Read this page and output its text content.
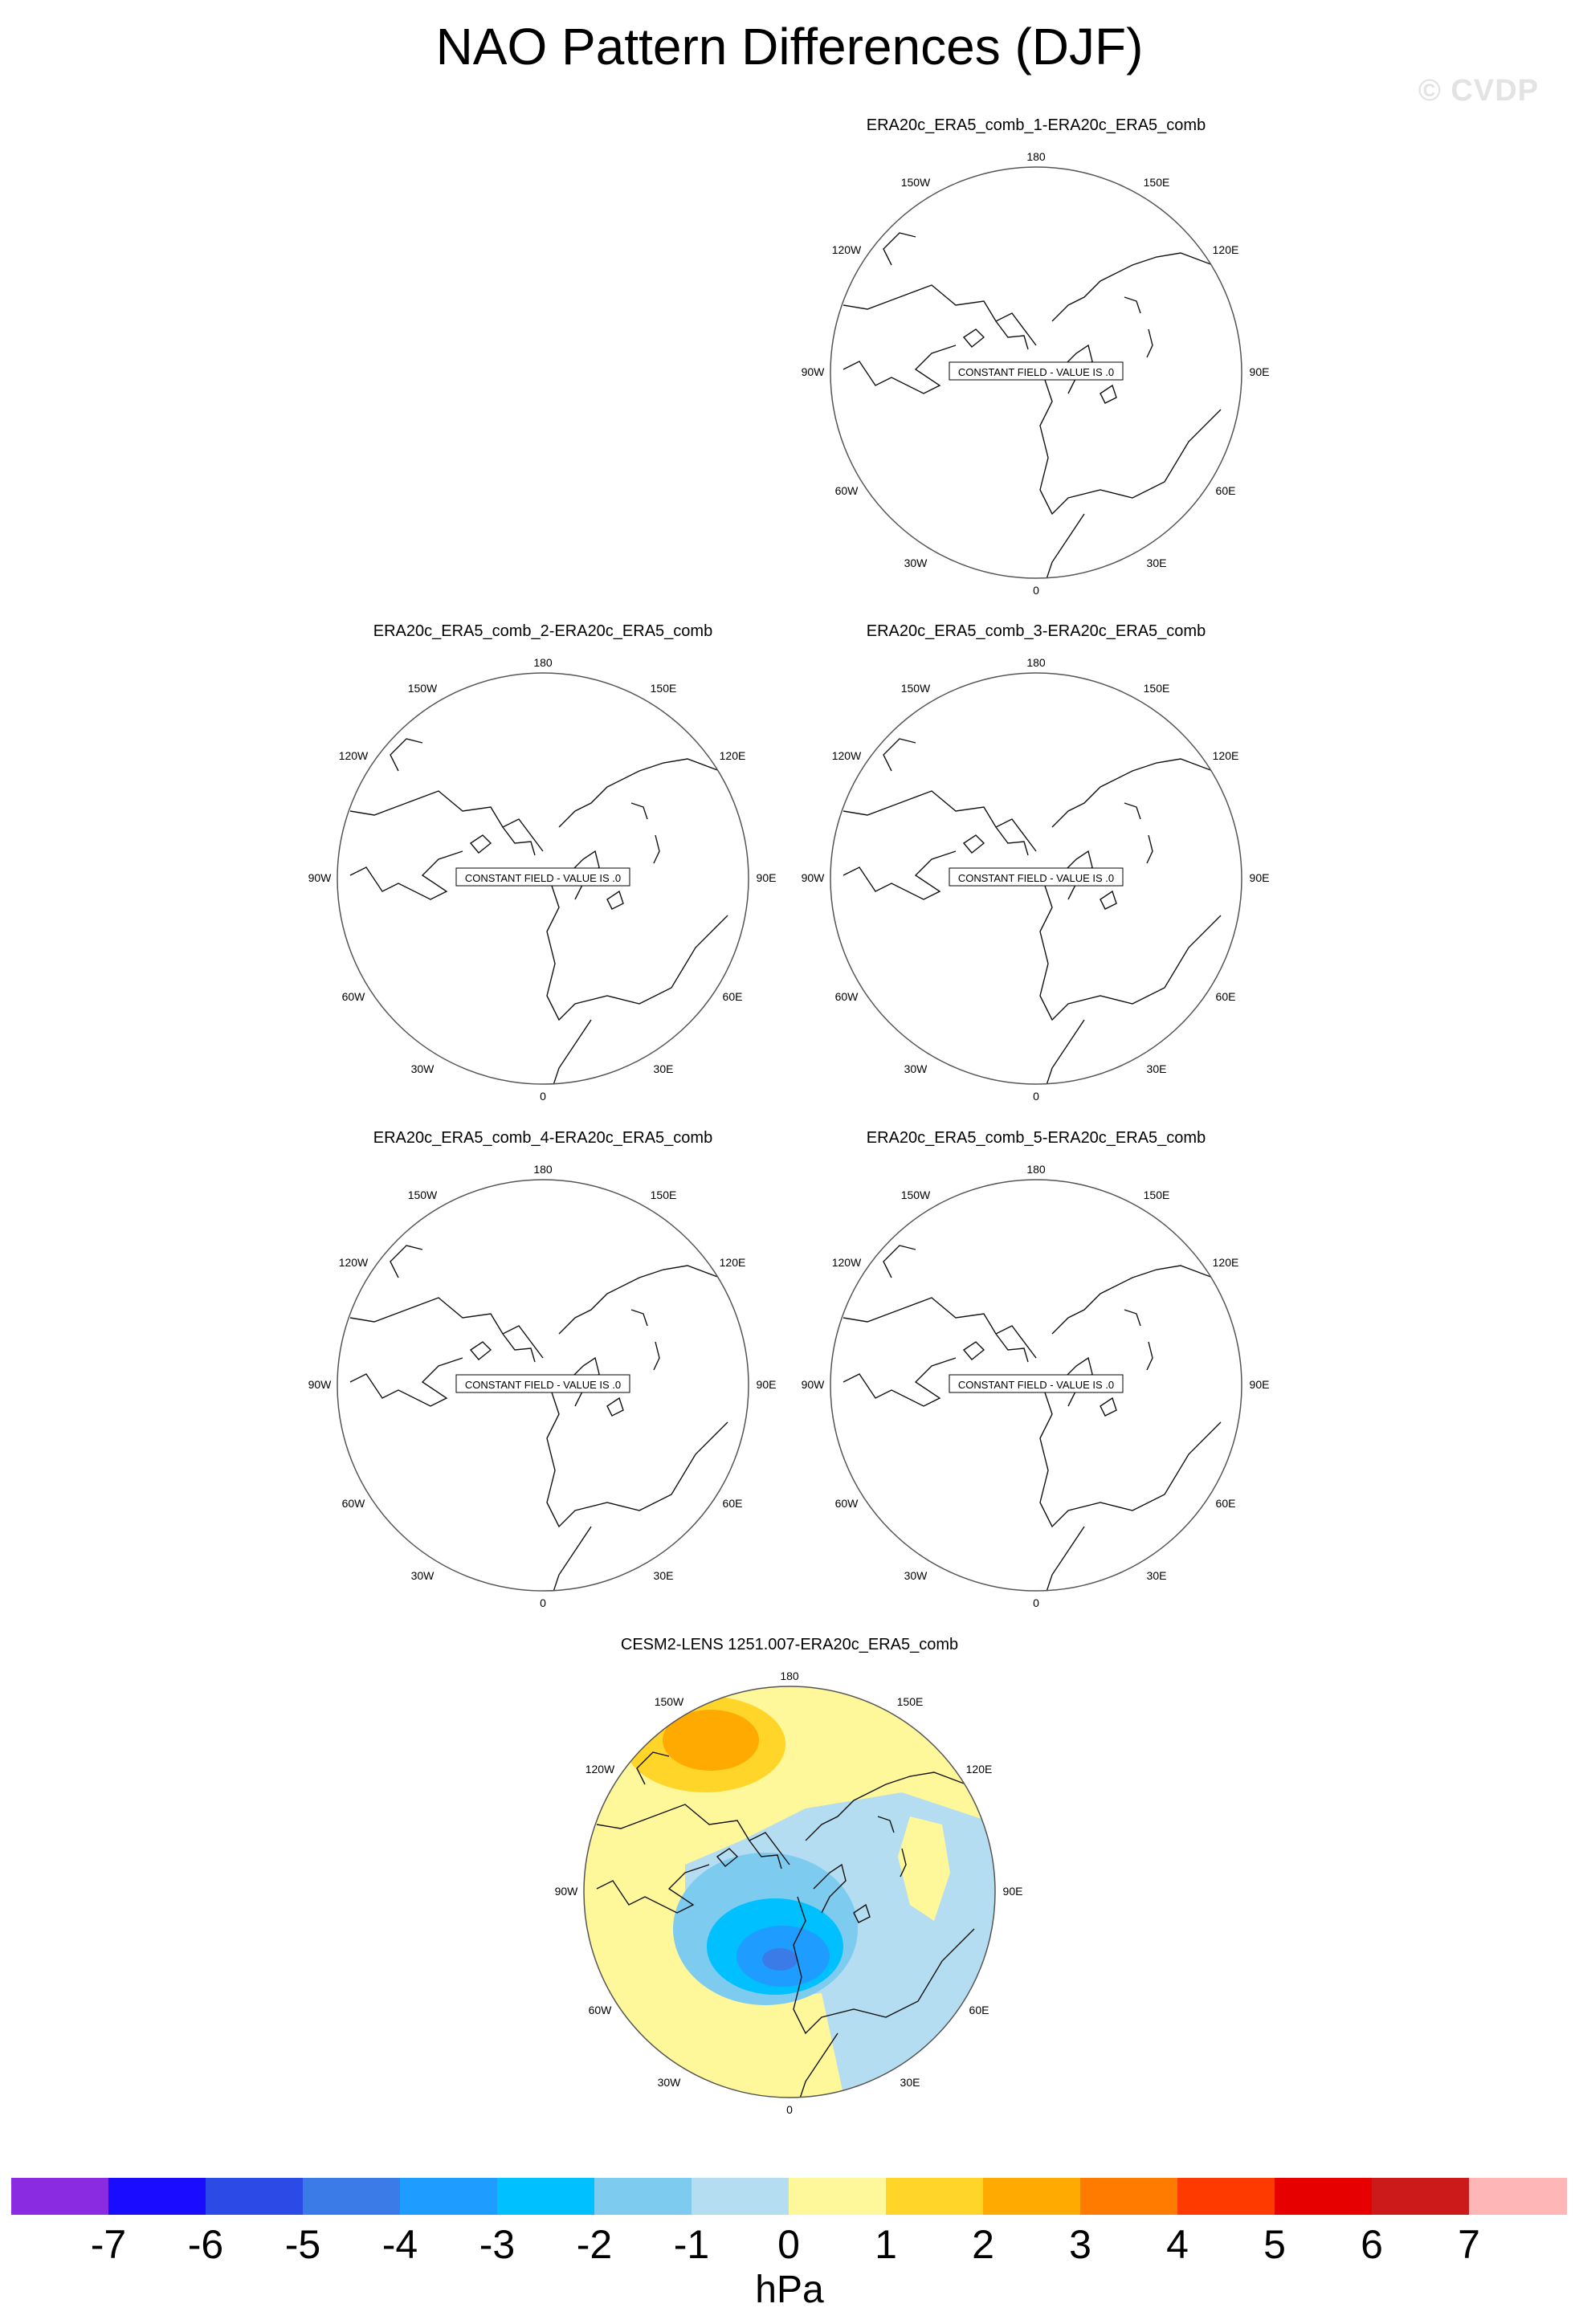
NAO Pattern Differences (DJF)
© CVDP
ERA20c_ERA5_comb_1-ERA20c_ERA5_comb
180
0
90W	90E
150W
120W
150E
120E
60W
30W
60E
30E
CONSTANT FIELD - VALUE IS .0
ERA20c_ERA5_comb_2-ERA20c_ERA5_comb
180
0
90W	90E
150W
120W
150E
120E
60W
30W
60E
30E
CONSTANT FIELD - VALUE IS .0
ERA20c_ERA5_comb_3-ERA20c_ERA5_comb
180
0
90W	90E
150W
120W
150E
120E
60W
30W
60E
30E
CONSTANT FIELD - VALUE IS .0
ERA20c_ERA5_comb_4-ERA20c_ERA5_comb
180
0
90W	90E
150W
120W
150E
120E
60W
30W
60E
30E
CONSTANT FIELD - VALUE IS .0
ERA20c_ERA5_comb_5-ERA20c_ERA5_comb
180
0
90W	90E
150W
120W
150E
120E
60W
30W
60E
30E
CONSTANT FIELD - VALUE IS .0
CESM2-LENS 1251.007-ERA20c_ERA5_comb
180
0
90W	90E
150W
120W
150E
120E
60W
30W
60E
30E
-7	-6	-5	-4	-3	-2	-1	0	1	2	3	4	5	6	7
hPa
